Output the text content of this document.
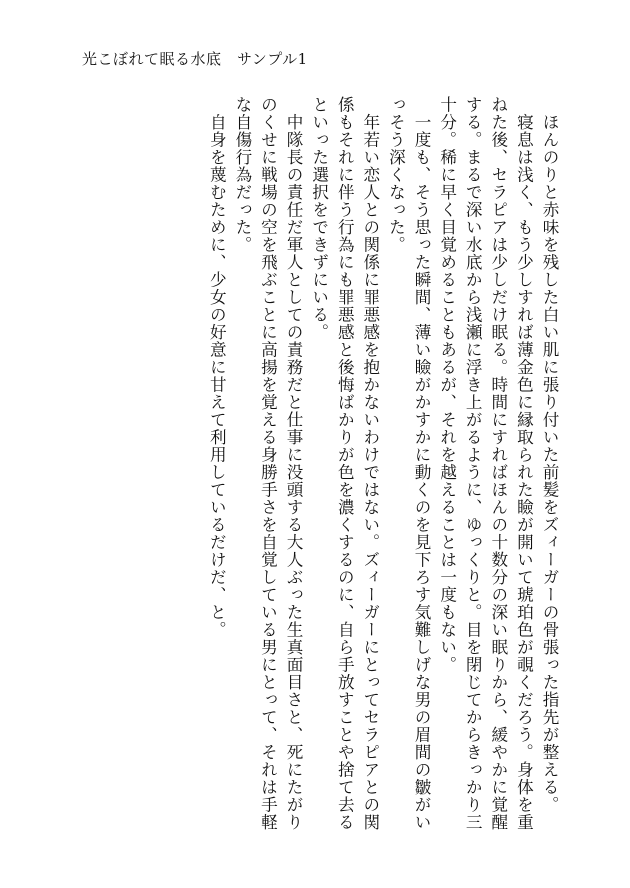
光こぼれて眠る水底　サンプル1

　ほんのりと赤味を残した白い肌に張り付いた前髪をズィーガーの骨張った指先が整える。

　寝息は浅く、もう少しすれば薄金色に縁取られた瞼が開いて琥珀色が覗くだろう。身体を重ねた後、セラピアは少しだけ眠る。時間にすればほんの十数分の深い眠りから、緩やかに覚醒する。まるで深い水底から浅瀬に浮き上がるように、ゆっくりと。目を閉じてからきっかり三十分。稀に早く目覚めることもあるが、それを越えることは一度もない。

　一度も、そう思った瞬間、薄い瞼がかすかに動くのを見下ろす気難しげな男の眉間の皺がいっそう深くなった。

　年若い恋人との関係に罪悪感を抱かないわけではない。ズィーガーにとってセラピアとの関係もそれに伴う行為にも罪悪感と後悔ばかりが色を濃くするのに、自ら手放すことや捨て去るといった選択をできずにいる。

　中隊長の責任だ軍人としての責務だと仕事に没頭する大人ぶった生真面目さと、死にたがりのくせに戦場の空を飛ぶことに高揚を覚える身勝手さを自覚している男にとって、それは手軽な自傷行為だった。

　自身を蔑むために、少女の好意に甘えて利用しているだけだ、と。
